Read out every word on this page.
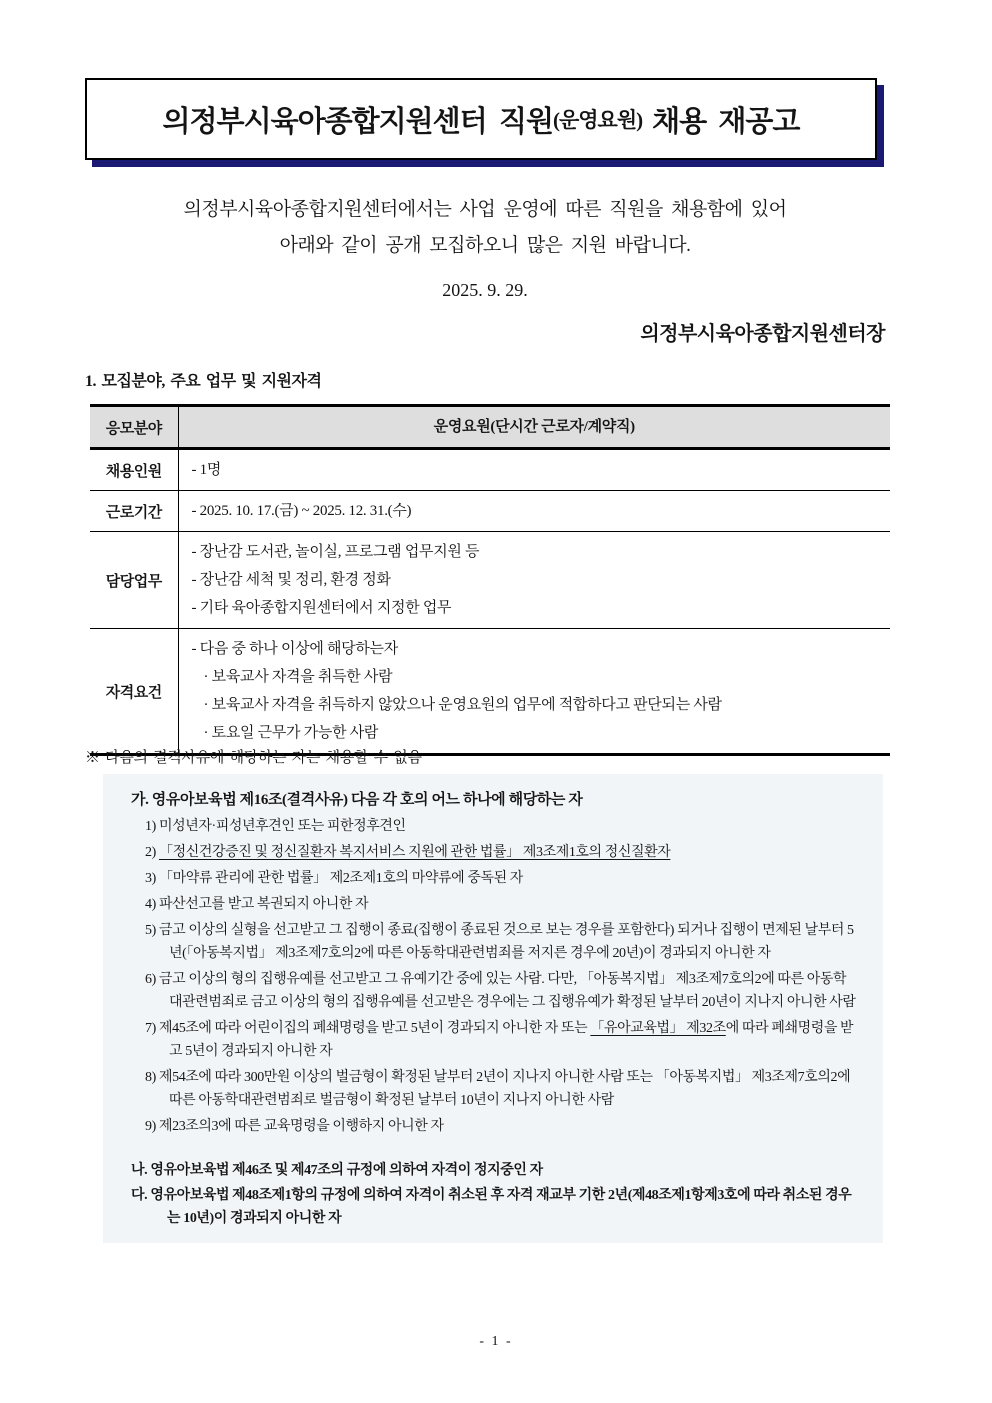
의정부시육아종합지원센터 직원 (운영요원) 채용 재공고
의정부시육아종합지원센터에서는 사업 운영에 따른 직원을 채용함에 있어
아래와 같이 공개 모집하오니 많은 지원 바랍니다.
2025. 9. 29.
의정부시육아종합지원센터장
1. 모집분야, 주요 업무 및 지원자격
응모분야	운영요원(단시간 근로자/계약직)

채용인원	- 1명

근로기간	- 2025. 10. 17.(금) ~ 2025. 12. 31.(수)

담당업무	- 장난감 도서관, 놀이실, 프로그램 업무지원 등
- 장난감 세척 및 정리, 환경 정화
- 기타 육아종합지원센터에서 지정한 업무

자격요건	- 다음 중 하나 이상에 해당하는자
· 보육교사 자격을 취득한 사람
· 보육교사 자격을 취득하지 않았으나 운영요원의 업무에 적합하다고 판단되는 사람
· 토요일 근무가 가능한 사람
※ 다음의 결격사유에 해당하는 자는 채용할 수 없음
가. 영유아보육법 제16조(결격사유) 다음 각 호의 어느 하나에 해당하는 자
1) 미성년자·피성년후견인 또는 피한정후견인
2) 「정신건강증진 및 정신질환자 복지서비스 지원에 관한 법률」 제3조제1호의 정신질환자
3) 「마약류 관리에 관한 법률」 제2조제1호의 마약류에 중독된 자
4) 파산선고를 받고 복권되지 아니한 자
5) 금고 이상의 실형을 선고받고 그 집행이 종료(집행이 종료된 것으로 보는 경우를 포함한다) 되거나 집행이 면제된 날부터 5년(「아동복지법」 제3조제7호의2에 따른 아동학대관련범죄를 저지른 경우에 20년)이 경과되지 아니한 자
6) 금고 이상의 형의 집행유예를 선고받고 그 유예기간 중에 있는 사람. 다만, 「아동복지법」 제3조제7호의2에 따른 아동학대관련범죄로 금고 이상의 형의 집행유예를 선고받은 경우에는 그 집행유예가 확정된 날부터 20년이 지나지 아니한 사람
7) 제45조에 따라 어린이집의 폐쇄명령을 받고 5년이 경과되지 아니한 자 또는 「유아교육법」 제32조에 따라 폐쇄명령을 받고 5년이 경과되지 아니한 자
8) 제54조에 따라 300만원 이상의 벌금형이 확정된 날부터 2년이 지나지 아니한 사람 또는 「아동복지법」 제3조제7호의2에 따른 아동학대관련범죄로 벌금형이 확정된 날부터 10년이 지나지 아니한 사람
9) 제23조의3에 따른 교육명령을 이행하지 아니한 자
나. 영유아보육법 제46조 및 제47조의 규정에 의하여 자격이 정지중인 자
다. 영유아보육법 제48조제1항의 규정에 의하여 자격이 취소된 후 자격 재교부 기한 2년(제48조제1항제3호에 따라 취소된 경우는 10년)이 경과되지 아니한 자
- 1 -
